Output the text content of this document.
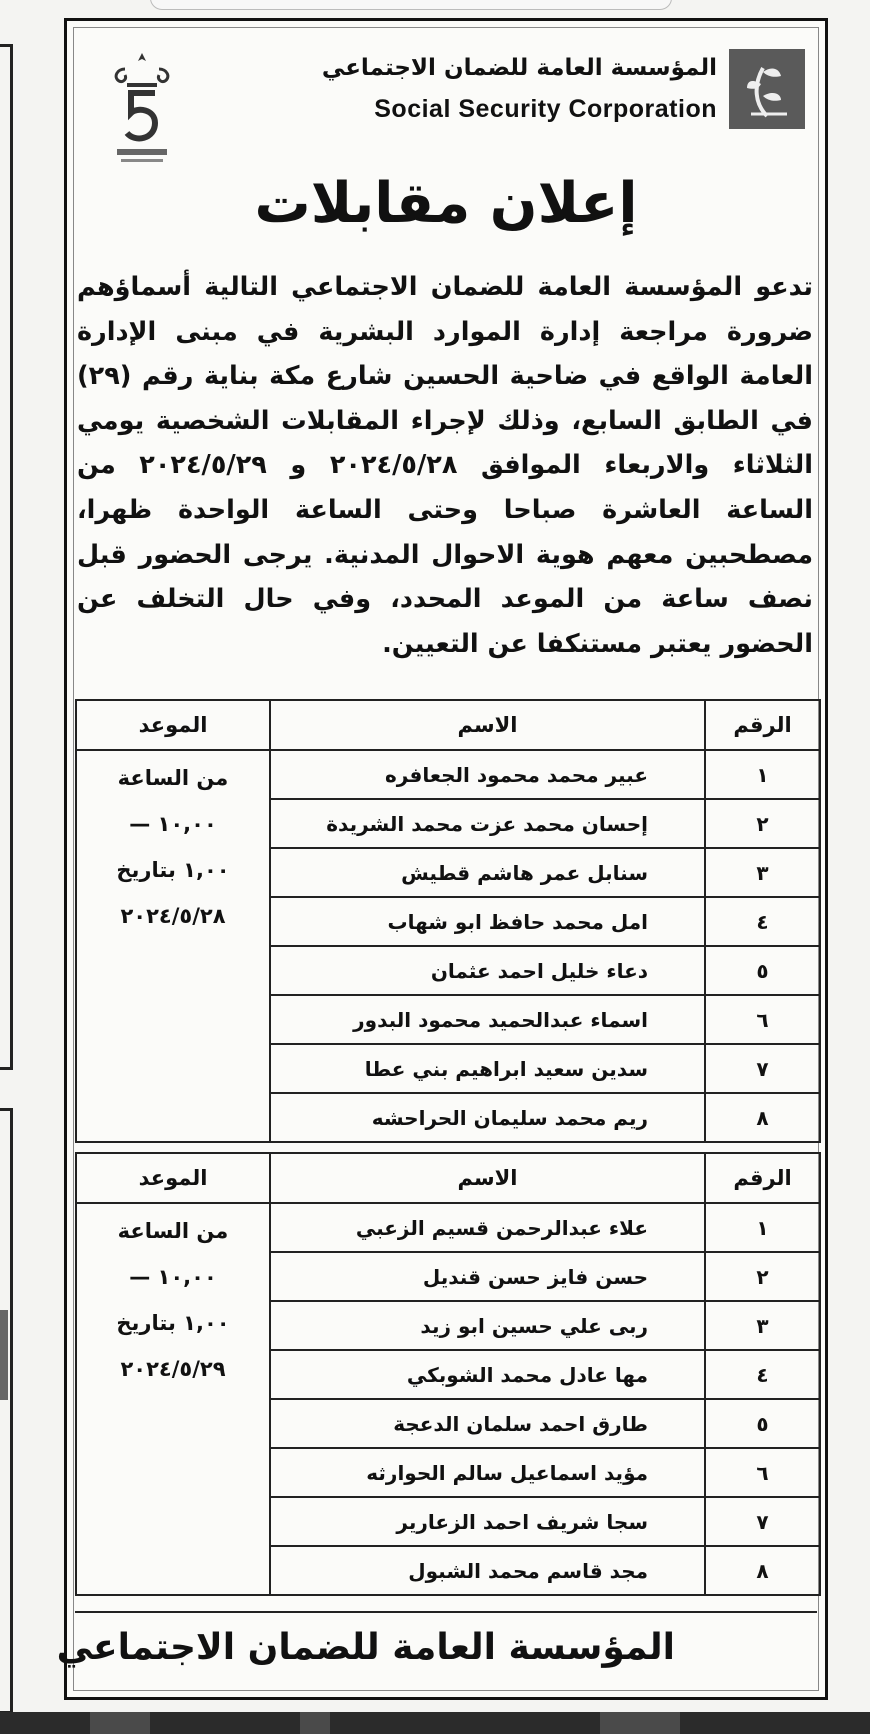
المؤسسة العامة للضمان الاجتماعي
Social Security Corporation
إعلان مقابلات
تدعو المؤسسة العامة للضمان الاجتماعي التالية أسماؤهم ضرورة مراجعة إدارة الموارد البشرية في مبنى الإدارة العامة الواقع في ضاحية الحسين شارع مكة بناية رقم (٢٩) في الطابق السابع، وذلك لإجراء المقابلات الشخصية يومي الثلاثاء والاربعاء الموافق ٢٠٢٤/٥/٢٨ و ٢٠٢٤/٥/٢٩ من الساعة العاشرة صباحا وحتى الساعة الواحدة ظهرا، مصطحبين معهم هوية الاحوال المدنية. يرجى الحضور قبل نصف ساعة من الموعد المحدد، وفي حال التخلف عن الحضور يعتبر مستنكفا عن التعيين.
الرقم	الاسم	الموعد
١	عبير محمد محمود الجعافره	من الساعة
١٠,٠٠ —
١,٠٠ بتاريخ
٢٠٢٤/٥/٢٨

٢	إحسان محمد عزت محمد الشريدة	
٣	سنابل عمر هاشم قطيش	
٤	امل محمد حافظ ابو شهاب	
٥	دعاء خليل احمد عثمان	
٦	اسماء عبدالحميد محمود البدور	
٧	سدين سعيد ابراهيم بني عطا	
٨	ريم محمد سليمان الحراحشه	
الرقم	الاسم	الموعد
١	علاء عبدالرحمن قسيم الزعبي	من الساعة
١٠,٠٠ —
١,٠٠ بتاريخ
٢٠٢٤/٥/٢٩

٢	حسن فايز حسن قنديل	
٣	ربى علي حسين ابو زيد	
٤	مها عادل محمد الشوبكي	
٥	طارق احمد سلمان الدعجة	
٦	مؤيد اسماعيل سالم الحوارثه	
٧	سجا شريف احمد الزعارير	
٨	مجد قاسم محمد الشبول	
المؤسسة العامة للضمان الاجتماعي
